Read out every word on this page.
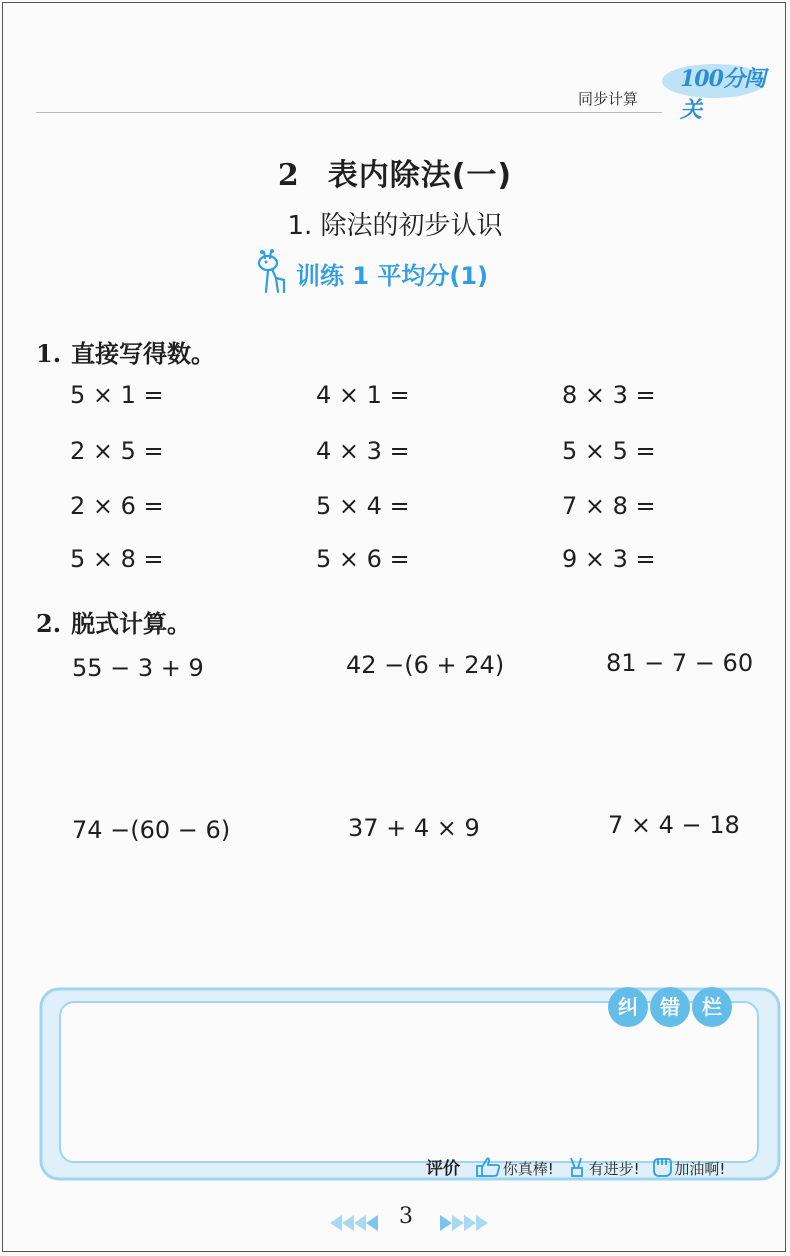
100分闯关
同步计算
2 表内除法(一)
1. 除法的初步认识
训练 1 平均分(1)
1. 直接写得数。
5 × 1 =	4 × 1 =	8 × 3 =
2 × 5 =	4 × 3 =	5 × 5 =
2 × 6 =	5 × 4 =	7 × 8 =
5 × 8 =	5 × 6 =	9 × 3 =
2. 脱式计算。
55 − 3 + 9	42 −(6 + 24)	81 − 7 − 60
74 −(60 − 6)	37 + 4 × 9	7 × 4 − 18
纠	错	栏
评价	你真棒! 有进步! 加油啊!
3
